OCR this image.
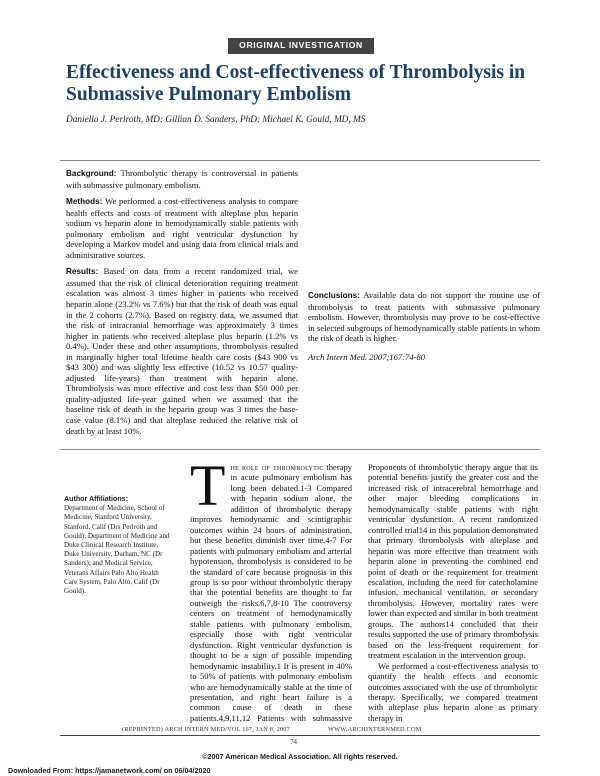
ORIGINAL INVESTIGATION
Effectiveness and Cost-effectiveness of Thrombolysis in Submassive Pulmonary Embolism
Daniella J. Perlroth, MD; Gillian D. Sanders, PhD; Michael K. Gould, MD, MS

Background: Thrombolytic therapy is controversial in patients with submassive pulmonary embolism.

Methods: We performed a cost-effectiveness analysis to compare health effects and costs of treatment with alteplase plus heparin sodium vs heparin alone in hemodynamically stable patients with pulmonary embolism and right ventricular dysfunction by developing a Markov model and using data from clinical trials and administrative sources.

Results: Based on data from a recent randomized trial, we assumed that the risk of clinical deterioration requiring treatment escalation was almost 3 times higher in patients who received heparin alone (23.2% vs 7.6%) but that the risk of death was equal in the 2 cohorts (2.7%). Based on registry data, we assumed that the risk of intracranial hemorrhage was approximately 3 times higher in patients who received alteplase plus heparin (1.2% vs 0.4%). Under these and other assumptions, thrombolysis resulted in marginally higher total lifetime health care costs ($43 900 vs $43 300) and was slightly less effective (10.52 vs 10.57 quality-adjusted life-years) than treatment with heparin alone. Thrombolysis was more effective and cost less than $50 000 per quality-adjusted life-year gained when we assumed that the baseline risk of death in the heparin group was 3 times the base-case value (8.1%) and that alteplase reduced the relative risk of death by at least 10%.

Conclusions: Available data do not support the routine use of thrombolysis to treat patients with submassive pulmonary embolism. However, thrombolysis may prove to be cost-effective in selected subgroups of hemodynamically stable patients in whom the risk of death is higher.

Arch Intern Med. 2007;167:74-80
Author Affiliations:
Department of Medicine, School of Medicine, Stanford University, Stanford, Calif (Drs Perlroth and Gould); Department of Medicine and Duke Clinical Research Institute, Duke University, Durham, NC (Dr Sanders); and Medical Service, Veterans Affairs Palo Alto Health Care System, Palo Alto, Calif (Dr Gould).

The role of thrombolytic therapy in acute pulmonary embolism has long been debated.1-3 Compared with heparin sodium alone, the addition of thrombolytic therapy improves hemodynamic and scintigraphic outcomes within 24 hours of administration, but these benefits diminish over time.4-7 For patients with pulmonary embolism and arterial hypotension, thrombolysis is considered to be the standard of care because prognosis in this group is so poor without thrombolytic therapy that the potential benefits are thought to far outweigh the risks.6,7,8-10 The controversy centers on treatment of hemodynamically stable patients with pulmonary embolism, especially those with right ventricular dysfunction. Right ventricular dysfunction is thought to be a sign of possible impending hemodynamic instability.1 It is present in 40% to 50% of patients with pulmonary embolism who are hemodynamically stable at the time of presentation, and right heart failure is a common cause of death in these patients.4,9,11,12 Patients with submassive

Proponents of thrombolytic therapy argue that its potential benefits justify the greater cost and the increased risk of intracerebral hemorrhage and other major bleeding complications in hemodynamically stable patients with right ventricular dysfunction. A recent randomized controlled trial14 in this population demonstrated that primary thrombolysis with alteplase and heparin was more effective than treatment with heparin alone in preventing the combined end point of death or the requirement for treatment escalation, including the need for catecholamine infusion, mechanical ventilation, or secondary thrombolysis. However, mortality rates were lower than expected and similar in both treatment groups. The authors14 concluded that their results supported the use of primary thrombolysis based on the less-frequent requirement for treatment escalation in the intervention group.

We performed a cost-effectiveness analysis to quantify the health effects and economic outcomes associated with the use of thrombolytic therapy. Specifically, we compared treatment with alteplase plus heparin alone as primary therapy in

(REPRINTED) ARCH INTERN MED/VOL 167, JAN 8, 2007	WWW.ARCHINTERNMED.COM
74
©2007 American Medical Association. All rights reserved.
Downloaded From: https://jamanetwork.com/ on 06/04/2020
